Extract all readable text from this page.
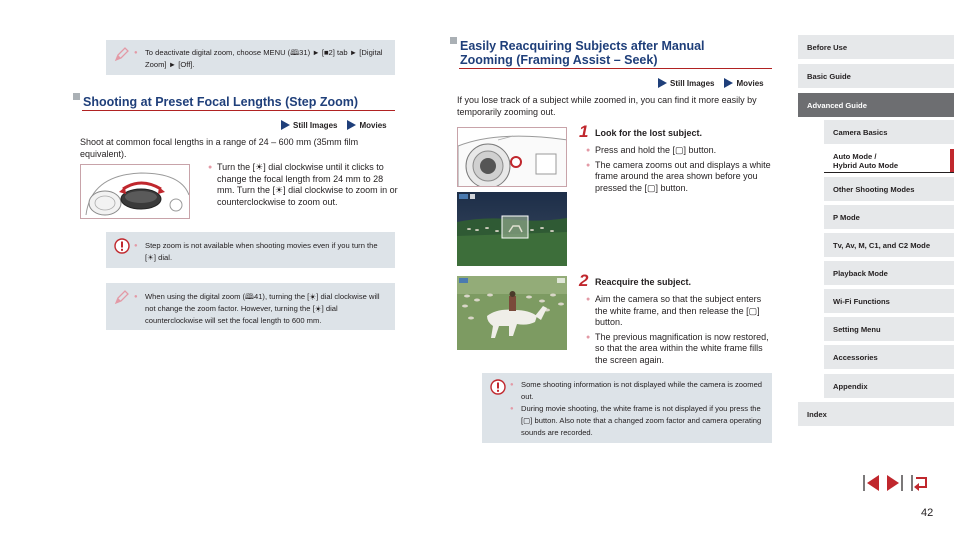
● To deactivate digital zoom, choose MENU (🕮31) ► [■2] tab ► [Digital Zoom] ► [Off].
Shooting at Preset Focal Lengths (Step Zoom)
Still Images	Movies
Shoot at common focal lengths in a range of 24 – 600 mm (35mm film equivalent).
● Turn the [☀] dial clockwise until it clicks to change the focal length from 24 mm to 28 mm. Turn the [☀] dial clockwise to zoom in or counterclockwise to zoom out.
● Step zoom is not available when shooting movies even if you turn the [☀] dial.
● When using the digital zoom (🕮41), turning the [☀] dial clockwise will not change the zoom factor. However, turning the [☀] dial counterclockwise will set the focal length to 600 mm.
Easily Reacquiring Subjects after Manual
Zooming (Framing Assist – Seek)
Still Images	Movies
If you lose track of a subject while zoomed in, you can find it more easily by temporarily zooming out.
1 Look for the lost subject.
● Press and hold the [▢] button.
● The camera zooms out and displays a white frame around the area shown before you pressed the [▢] button.
2 Reacquire the subject.
● Aim the camera so that the subject enters the white frame, and then release the [▢] button.
● The previous magnification is now restored, so that the area within the white frame fills the screen again.
● Some shooting information is not displayed while the camera is zoomed out.
● During movie shooting, the white frame is not displayed if you press the [▢] button. Also note that a changed zoom factor and camera operating sounds are recorded.
Before Use
Basic Guide
Advanced Guide
Camera Basics
Auto Mode /
Hybrid Auto Mode
Other Shooting Modes
P Mode
Tv, Av, M, C1, and C2 Mode
Playback Mode
Wi-Fi Functions
Setting Menu
Accessories
Appendix
Index
42
